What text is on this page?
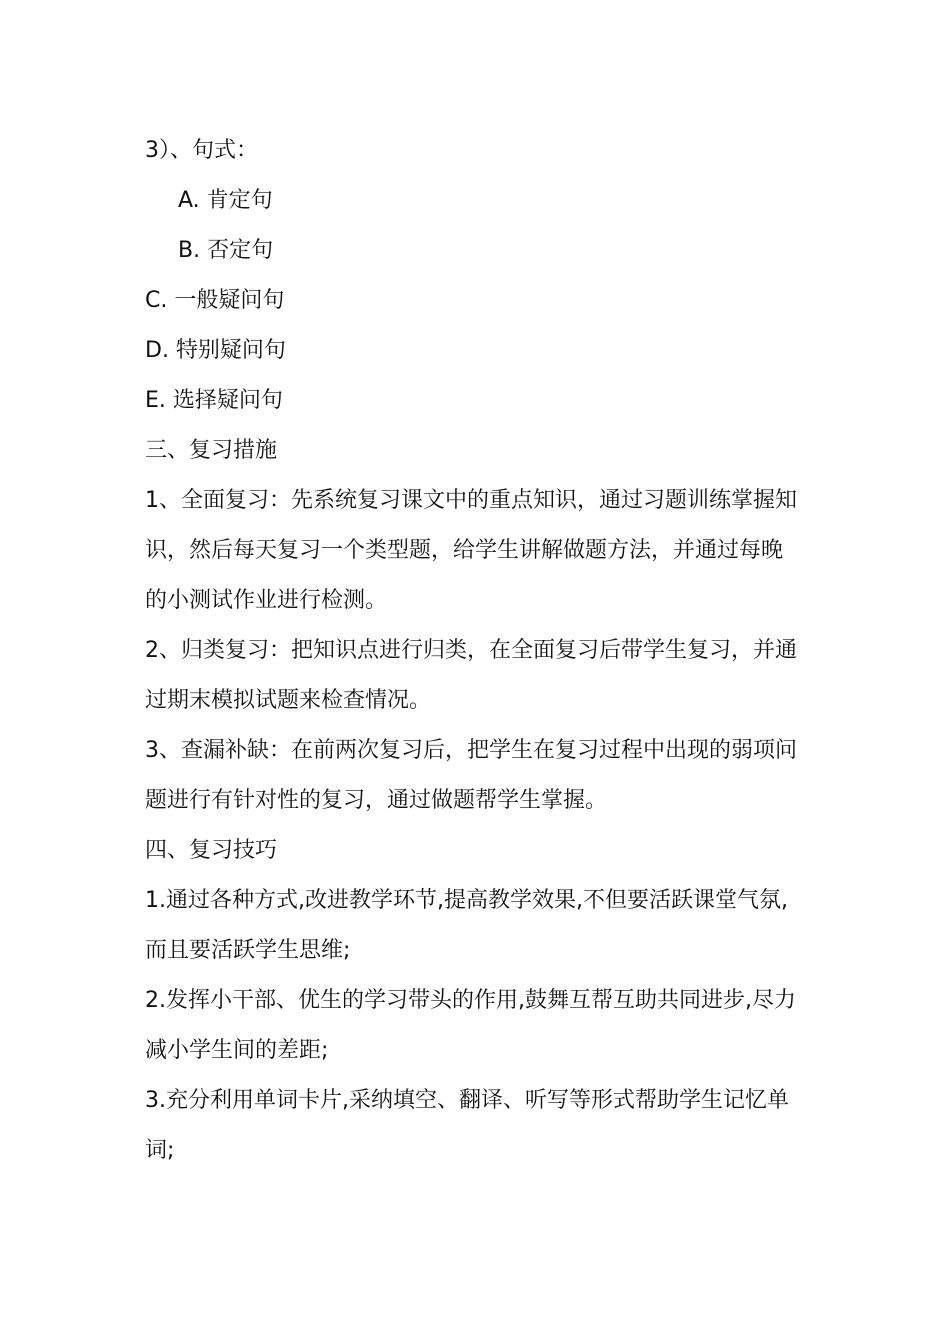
3）、句式：
A. 肯定句
B. 否定句
C. 一般疑问句
D. 特别疑问句
E. 选择疑问句
三、复习措施
1、全面复习：先系统复习课文中的重点知识，通过习题训练掌握知
识，然后每天复习一个类型题，给学生讲解做题方法，并通过每晚
的小测试作业进行检测。
2、归类复习：把知识点进行归类，在全面复习后带学生复习，并通
过期末模拟试题来检查情况。
3、查漏补缺：在前两次复习后，把学生在复习过程中出现的弱项问
题进行有针对性的复习，通过做题帮学生掌握。
四、复习技巧
1.通过各种方式,改进教学环节,提高教学效果,不但要活跃课堂气氛,
而且要活跃学生思维;
2.发挥小干部、优生的学习带头的作用,鼓舞互帮互助共同进步,尽力
减小学生间的差距;
3.充分利用单词卡片,采纳填空、翻译、听写等形式帮助学生记忆单
词;
